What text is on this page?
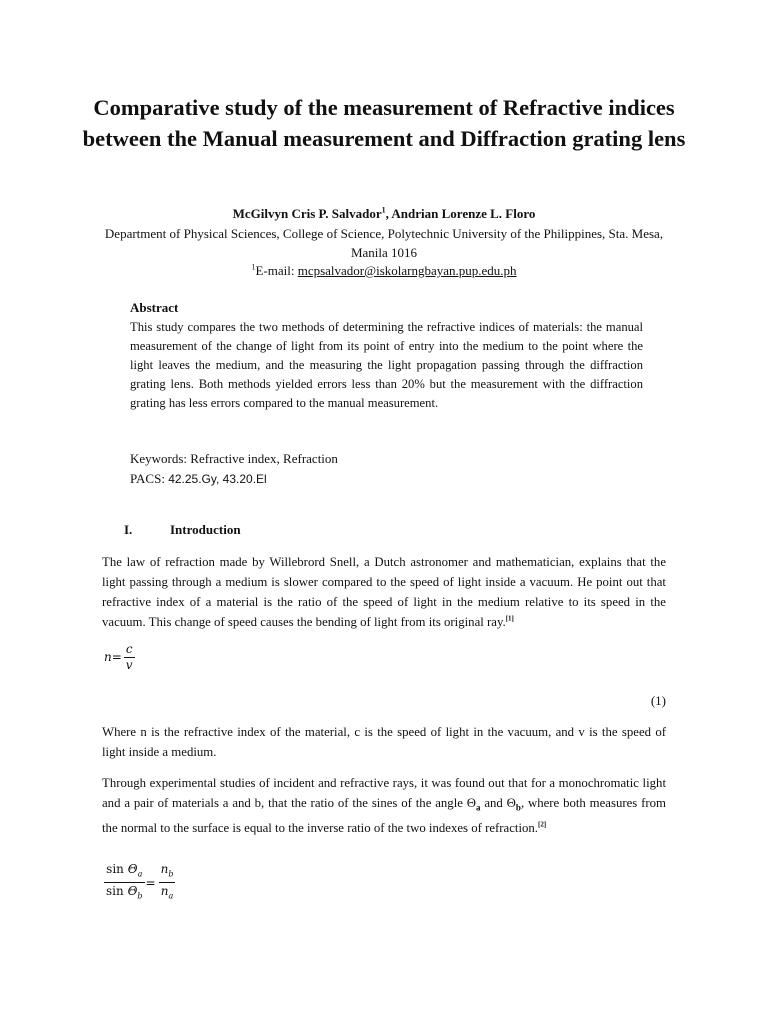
Comparative study of the measurement of Refractive indices between the Manual measurement and Diffraction grating lens
McGilvyn Cris P. Salvador$^1$, Andrian Lorenze L. Floro
Department of Physical Sciences, College of Science, Polytechnic University of the Philippines, Sta. Mesa, Manila 1016
$^1$E-mail: mcpsalvador@iskolarngbayan.pup.edu.ph
Abstract
This study compares the two methods of determining the refractive indices of materials: the manual measurement of the change of light from its point of entry into the medium to the point where the light leaves the medium, and the measuring the light propagation passing through the diffraction grating lens. Both methods yielded errors less than 20% but the measurement with the diffraction grating has less errors compared to the manual measurement.
Keywords: Refractive index, Refraction
PACS: 42.25.Gy, 43.20.El
I.	Introduction
The law of refraction made by Willebrord Snell, a Dutch astronomer and mathematician, explains that the light passing through a medium is slower compared to the speed of light inside a vacuum. He point out that refractive index of a material is the ratio of the speed of light in the medium relative to its speed in the vacuum. This change of speed causes the bending of light from its original ray.[1]
$n= \frac{c}{v}$
(1)
Where n is the refractive index of the material, c is the speed of light in the vacuum, and v is the speed of light inside a medium.
Through experimental studies of incident and refractive rays, it was found out that for a monochromatic light and a pair of materials a and b, that the ratio of the sines of the angle $\Theta_a$ and $\Theta_b$, where both measures from the normal to the surface is equal to the inverse ratio of the two indexes of refraction.[2]
$\frac{\sin \Theta_a}{\sin \Theta_b} = \frac{n_b}{n_a}$
